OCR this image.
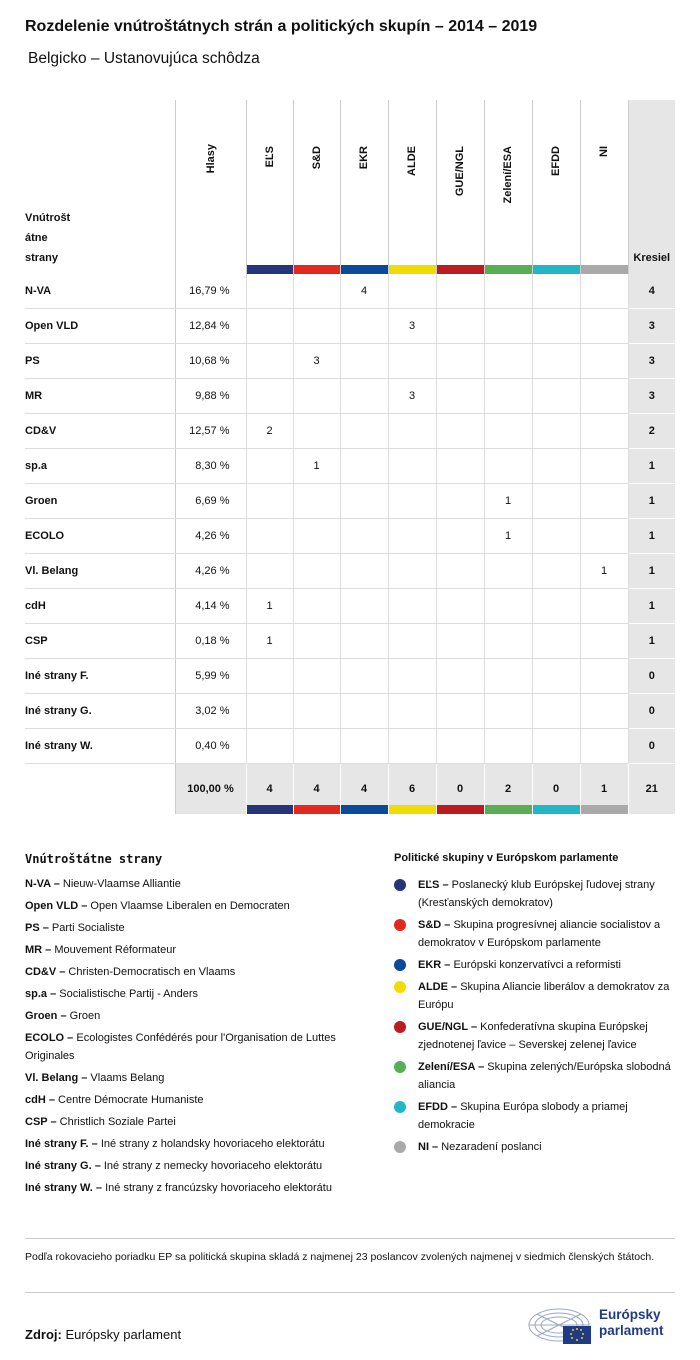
Rozdelenie vnútroštátnych strán a politických skupín – 2014 – 2019
Belgicko – Ustanovujúca schôdza
Vnútrošt
átne
strany	Hlasy	EĽS	S&D	EKR	ALDE	GUE/NGL	Zelení/ESA	EFDD	NI	Kresiel
N-VA	16,79 %			4						4
Open VLD	12,84 %				3					3
PS	10,68 %		3							3
MR	9,88 %				3					3
CD&V	12,57 %	2								2
sp.a	8,30 %		1							1
Groen	6,69 %						1			1
ECOLO	4,26 %						1			1
Vl. Belang	4,26 %								1	1
cdH	4,14 %	1								1
CSP	0,18 %	1								1
Iné strany F.	5,99 %									0
Iné strany G.	3,02 %									0
Iné strany W.	0,40 %									0
	100,00 %	4	4	4	6	0	2	0	1	21
Vnútroštátne strany
N-VA – Nieuw-Vlaamse Alliantie
Open VLD – Open Vlaamse Liberalen en Democraten
PS – Parti Socialiste
MR – Mouvement Réformateur
CD&V – Christen-Democratisch en Vlaams
sp.a – Socialistische Partij - Anders
Groen – Groen
ECOLO – Ecologistes Confédérés pour l'Organisation de Luttes Originales
Vl. Belang – Vlaams Belang
cdH – Centre Démocrate Humaniste
CSP – Christlich Soziale Partei
Iné strany F. – Iné strany z holandsky hovoriaceho elektorátu
Iné strany G. – Iné strany z nemecky hovoriaceho elektorátu
Iné strany W. – Iné strany z francúzsky hovoriaceho elektorátu
Politické skupiny v Európskom parlamente
EĽS – Poslanecký klub Európskej ľudovej strany (Kresťanských demokratov)
S&D – Skupina progresívnej aliancie socialistov a demokratov v Európskom parlamente
EKR – Európski konzervatívci a reformisti
ALDE – Skupina Aliancie liberálov a demokratov za Európu
GUE/NGL – Konfederatívna skupina Európskej zjednotenej ľavice – Severskej zelenej ľavice
Zelení/ESA – Skupina zelených/Európska slobodná aliancia
EFDD – Skupina Európa slobody a priamej demokracie
NI – Nezaradení poslanci
Podľa rokovacieho poriadku EP sa politická skupina skladá z najmenej 23 poslancov zvolených najmenej v siedmich členských štátoch.
Zdroj: Európsky parlament
Európsky
parlament
